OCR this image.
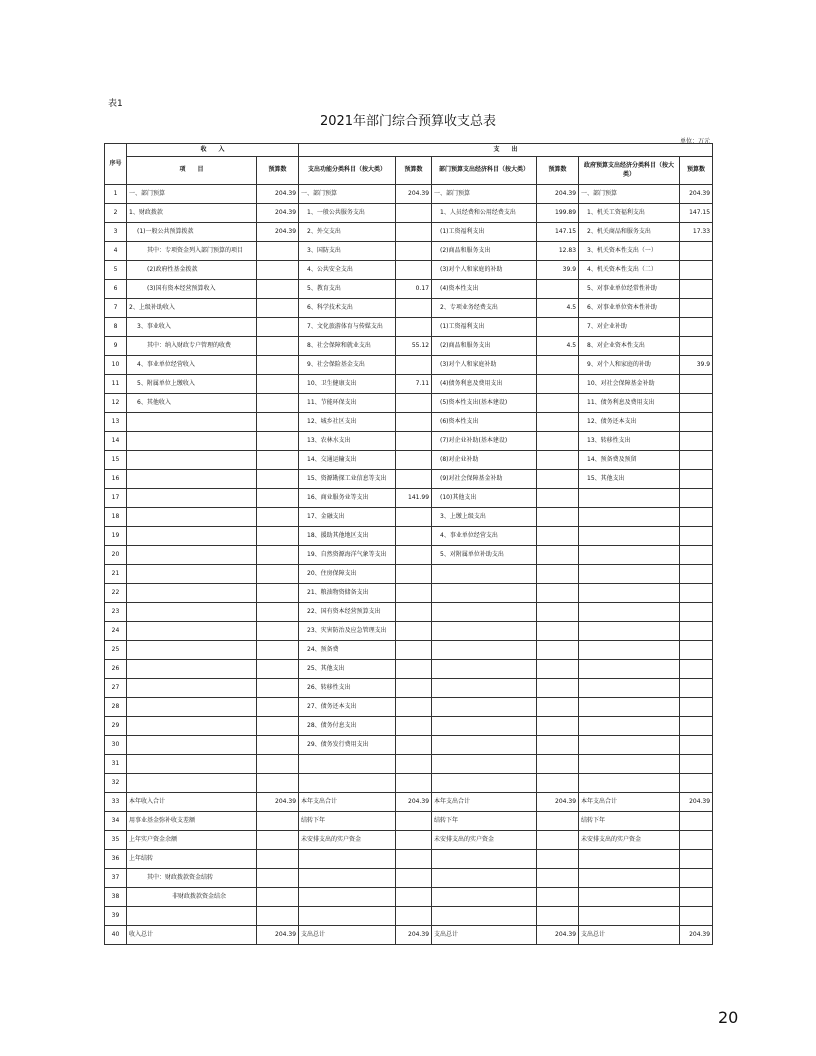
表1
2021年部门综合预算收支总表
单位：万元
序号	收　　入		支　　出					
	项　　目	预算数	支出功能分类科目（按大类）	预算数	部门预算支出经济科目（按大类）	预算数	政府预算支出经济分类科目（按大类）	预算数
1	一、部门预算	204.39	一、部门预算	204.39	一、部门预算	204.39	一、部门预算	204.39
2	1、财政拨款	204.39	1、一般公共服务支出		1、人员经费和公用经费支出	199.89	1、机关工资福利支出	147.15
3	(1)一般公共预算拨款	204.39	2、外交支出		(1)工资福利支出	147.15	2、机关商品和服务支出	17.33
4	其中：专项资金列入部门预算的项目		3、国防支出		(2)商品和服务支出	12.83	3、机关资本性支出（一）	
5	(2)政府性基金拨款		4、公共安全支出		(3)对个人和家庭的补助	39.9	4、机关资本性支出（二）	
6	(3)国有资本经营预算收入		5、教育支出	0.17	(4)资本性支出		5、对事业单位经常性补助	
7	2、上级补助收入		6、科学技术支出		2、专项业务经费支出	4.5	6、对事业单位资本性补助	
8	3、事业收入		7、文化旅游体育与传媒支出		(1)工资福利支出		7、对企业补助	
9	其中：纳入财政专户管理的收费		8、社会保障和就业支出	55.12	(2)商品和服务支出	4.5	8、对企业资本性支出	
10	4、事业单位经营收入		9、社会保险基金支出		(3)对个人和家庭补助		9、对个人和家庭的补助	39.9
11	5、附属单位上缴收入		10、卫生健康支出	7.11	(4)债务利息及费用支出		10、对社会保障基金补助	
12	6、其他收入		11、节能环保支出		(5)资本性支出(基本建设)		11、债务利息及费用支出	
13			12、城乡社区支出		(6)资本性支出		12、债务还本支出	
14			13、农林水支出		(7)对企业补助(基本建设)		13、转移性支出	
15			14、交通运输支出		(8)对企业补助		14、预备费及预留	
16			15、资源勘探工业信息等支出		(9)对社会保障基金补助		15、其他支出	
17			16、商业服务业等支出	141.99	(10)其他支出			
18			17、金融支出		3、上缴上级支出			
19			18、援助其他地区支出		4、事业单位经营支出			
20			19、自然资源海洋气象等支出		5、对附属单位补助支出			
21			20、住房保障支出					
22			21、粮油物资储备支出					
23			22、国有资本经营预算支出					
24			23、灾害防治及应急管理支出					
25			24、预备费					
26			25、其他支出					
27			26、转移性支出					
28			27、债务还本支出					
29			28、债务付息支出					
30			29、债务发行费用支出					
31								
32								
33	本年收入合计	204.39	本年支出合计	204.39	本年支出合计	204.39	本年支出合计	204.39
34	用事业基金弥补收支差额		结转下年		结转下年		结转下年	
35	上年实户资金余额		未安排支出的实户资金		未安排支出的实户资金		未安排支出的实户资金	
36	上年结转							
37	其中：财政拨款资金结转							
38	非财政拨款资金结余							
39								
40	收入总计	204.39	支出总计	204.39	支出总计	204.39	支出总计	204.39
20
